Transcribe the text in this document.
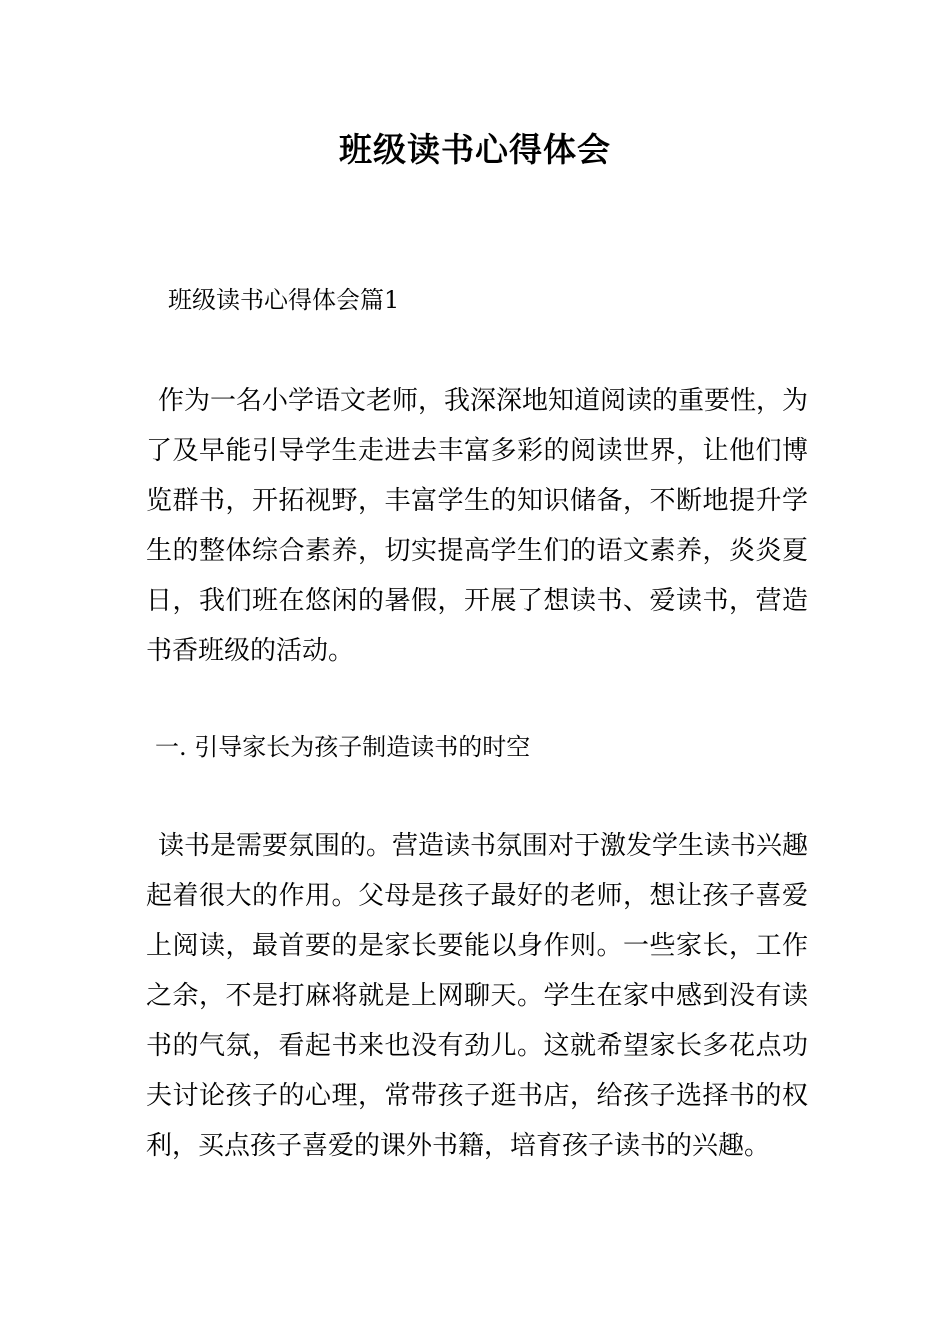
班级读书心得体会

班级读书心得体会篇1

作为一名小学语文老师，我深深地知道阅读的重要性，为了及早能引导学生走进去丰富多彩的阅读世界，让他们博览群书，开拓视野，丰富学生的知识储备，不断地提升学生的整体综合素养，切实提高学生们的语文素养，炎炎夏日，我们班在悠闲的暑假，开展了想读书、爱读书，营造书香班级的活动。

一. 引导家长为孩子制造读书的时空

读书是需要氛围的。营造读书氛围对于激发学生读书兴趣起着很大的作用。父母是孩子最好的老师，想让孩子喜爱上阅读，最首要的是家长要能以身作则。一些家长，工作之余，不是打麻将就是上网聊天。学生在家中感到没有读书的气氛，看起书来也没有劲儿。这就希望家长多花点功夫讨论孩子的心理，常带孩子逛书店，给孩子选择书的权利，买点孩子喜爱的课外书籍，培育孩子读书的兴趣。
